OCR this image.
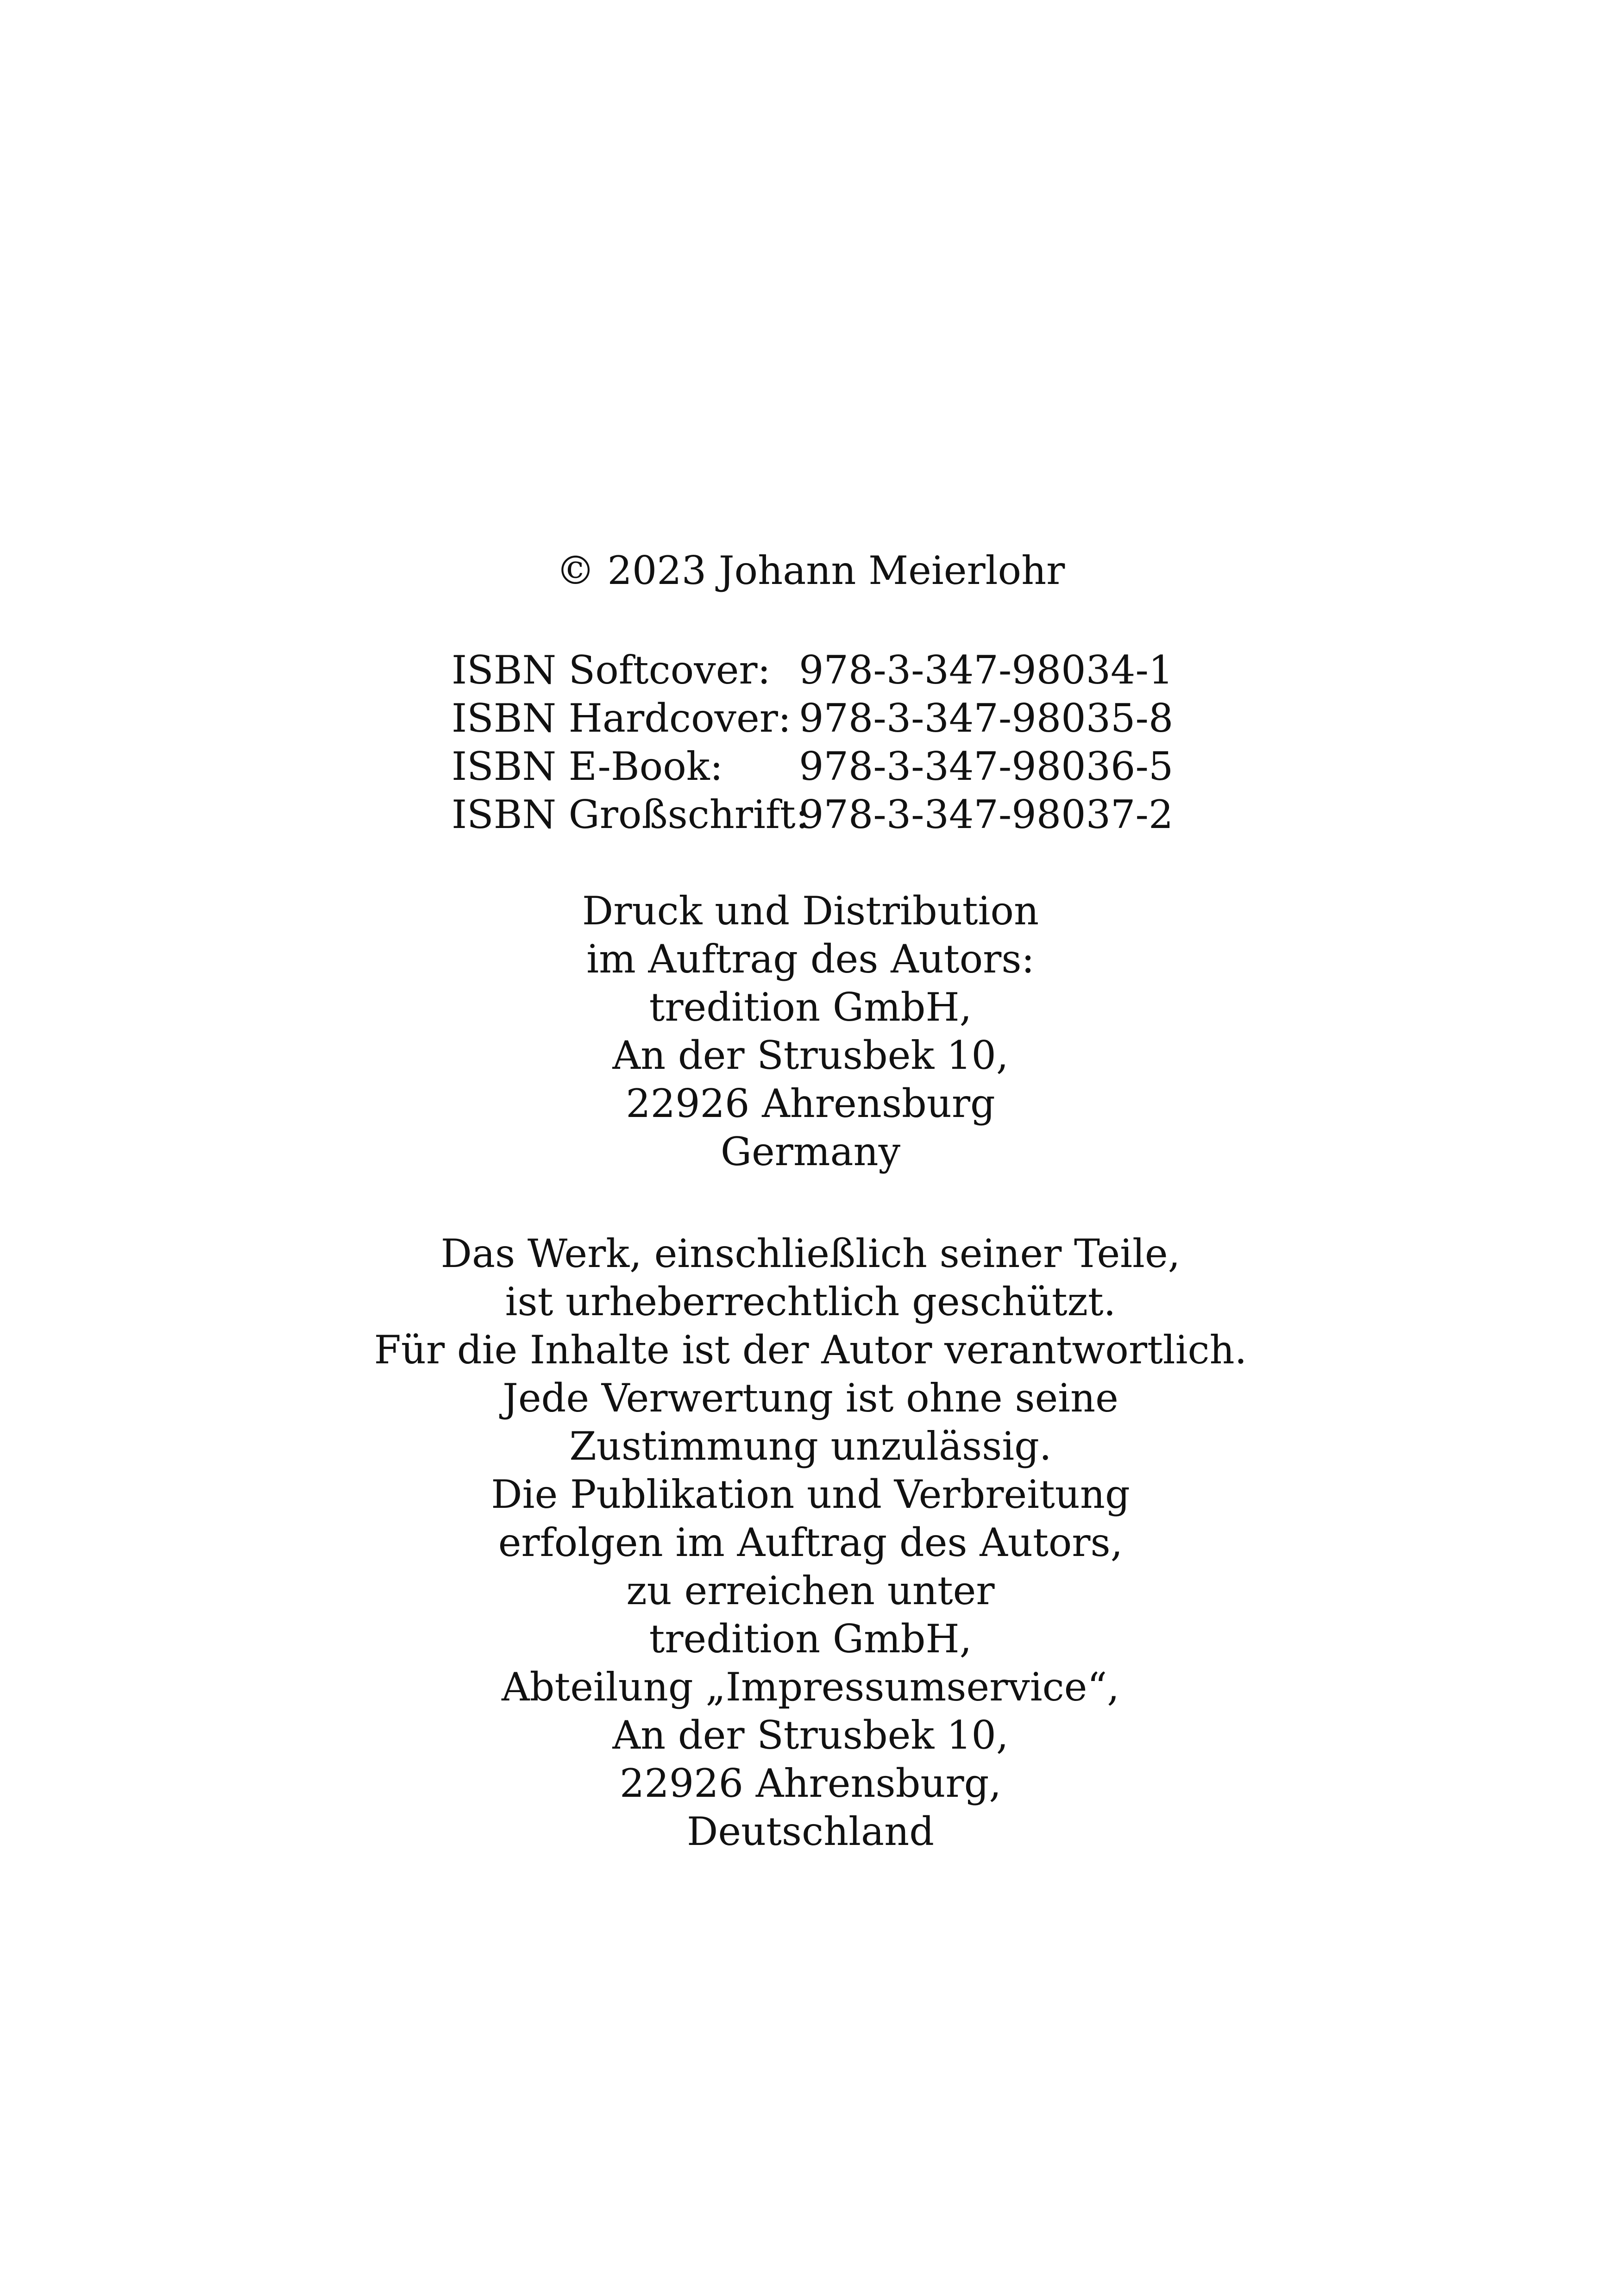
© 2023 Johann Meierlohr
ISBN Softcover: 978-3-347-98034-1
ISBN Hardcover: 978-3-347-98035-8
ISBN E-Book:	978-3-347-98036-5
ISBN Großschrift:
978-3-347-98037-2
Druck und Distribution
im Auftrag des Autors:
tredition GmbH,
An der Strusbek 10,
22926 Ahrensburg
Germany
Das Werk, einschließlich seiner Teile,
ist urheberrechtlich geschützt.
Für die Inhalte ist der Autor verantwortlich.
Jede Verwertung ist ohne seine
Zustimmung unzulässig.
Die Publikation und Verbreitung
erfolgen im Auftrag des Autors,
zu erreichen unter
tredition GmbH,
Abteilung „Impressumservice“,
An der Strusbek 10,
22926 Ahrensburg,
Deutschland
